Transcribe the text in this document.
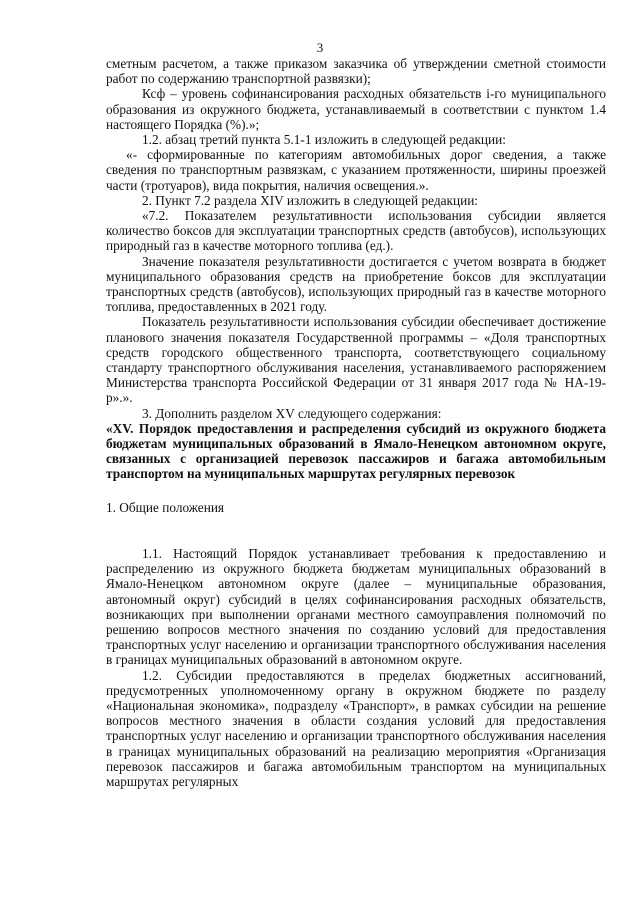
3

сметным расчетом, а также приказом заказчика об утверждении сметной стоимости работ по содержанию транспортной развязки);

Ксф – уровень софинансирования расходных обязательств i-го муниципального образования из окружного бюджета, устанавливаемый в соответствии с пунктом 1.4 настоящего Порядка (%).»;

1.2. абзац третий пункта 5.1-1 изложить в следующей редакции:

«- сформированные по категориям автомобильных дорог сведения, а также сведения по транспортным развязкам, с указанием протяженности, ширины проезжей части (тротуаров), вида покрытия, наличия освещения.».

2. Пункт 7.2 раздела XIV изложить в следующей редакции:

«7.2. Показателем результативности использования субсидии является количество боксов для эксплуатации транспортных средств (автобусов), использующих природный газ в качестве моторного топлива (ед.).

Значение показателя результативности достигается с учетом возврата в бюджет муниципального образования средств на приобретение боксов для эксплуатации транспортных средств (автобусов), использующих природный газ в качестве моторного топлива, предоставленных в 2021 году.

Показатель результативности использования субсидии обеспечивает достижение планового значения показателя Государственной программы – «Доля транспортных средств городского общественного транспорта, соответствующего социальному стандарту транспортного обслуживания населения, устанавливаемого распоряжением Министерства транспорта Российской Федерации от 31 января 2017 года № НА-19-р».».

3. Дополнить разделом XV следующего содержания:

«XV. Порядок предоставления и распределения субсидий из окружного бюджета бюджетам муниципальных образований в Ямало-Ненецком автономном округе, связанных с организацией перевозок пассажиров и багажа автомобильным транспортом на муниципальных маршрутах регулярных перевозок

1. Общие положения

1.1. Настоящий Порядок устанавливает требования к предоставлению и распределению из окружного бюджета бюджетам муниципальных образований в Ямало-Ненецком автономном округе (далее – муниципальные образования, автономный округ) субсидий в целях софинансирования расходных обязательств, возникающих при выполнении органами местного самоуправления полномочий по решению вопросов местного значения по созданию условий для предоставления транспортных услуг населению и организации транспортного обслуживания населения в границах муниципальных образований в автономном округе.

1.2. Субсидии предоставляются в пределах бюджетных ассигнований, предусмотренных уполномоченному органу в окружном бюджете по разделу «Национальная экономика», подразделу «Транспорт», в рамках субсидии на решение вопросов местного значения в области создания условий для предоставления транспортных услуг населению и организации транспортного обслуживания населения в границах муниципальных образований на реализацию мероприятия «Организация перевозок пассажиров и багажа автомобильным транспортом на муниципальных маршрутах регулярных
